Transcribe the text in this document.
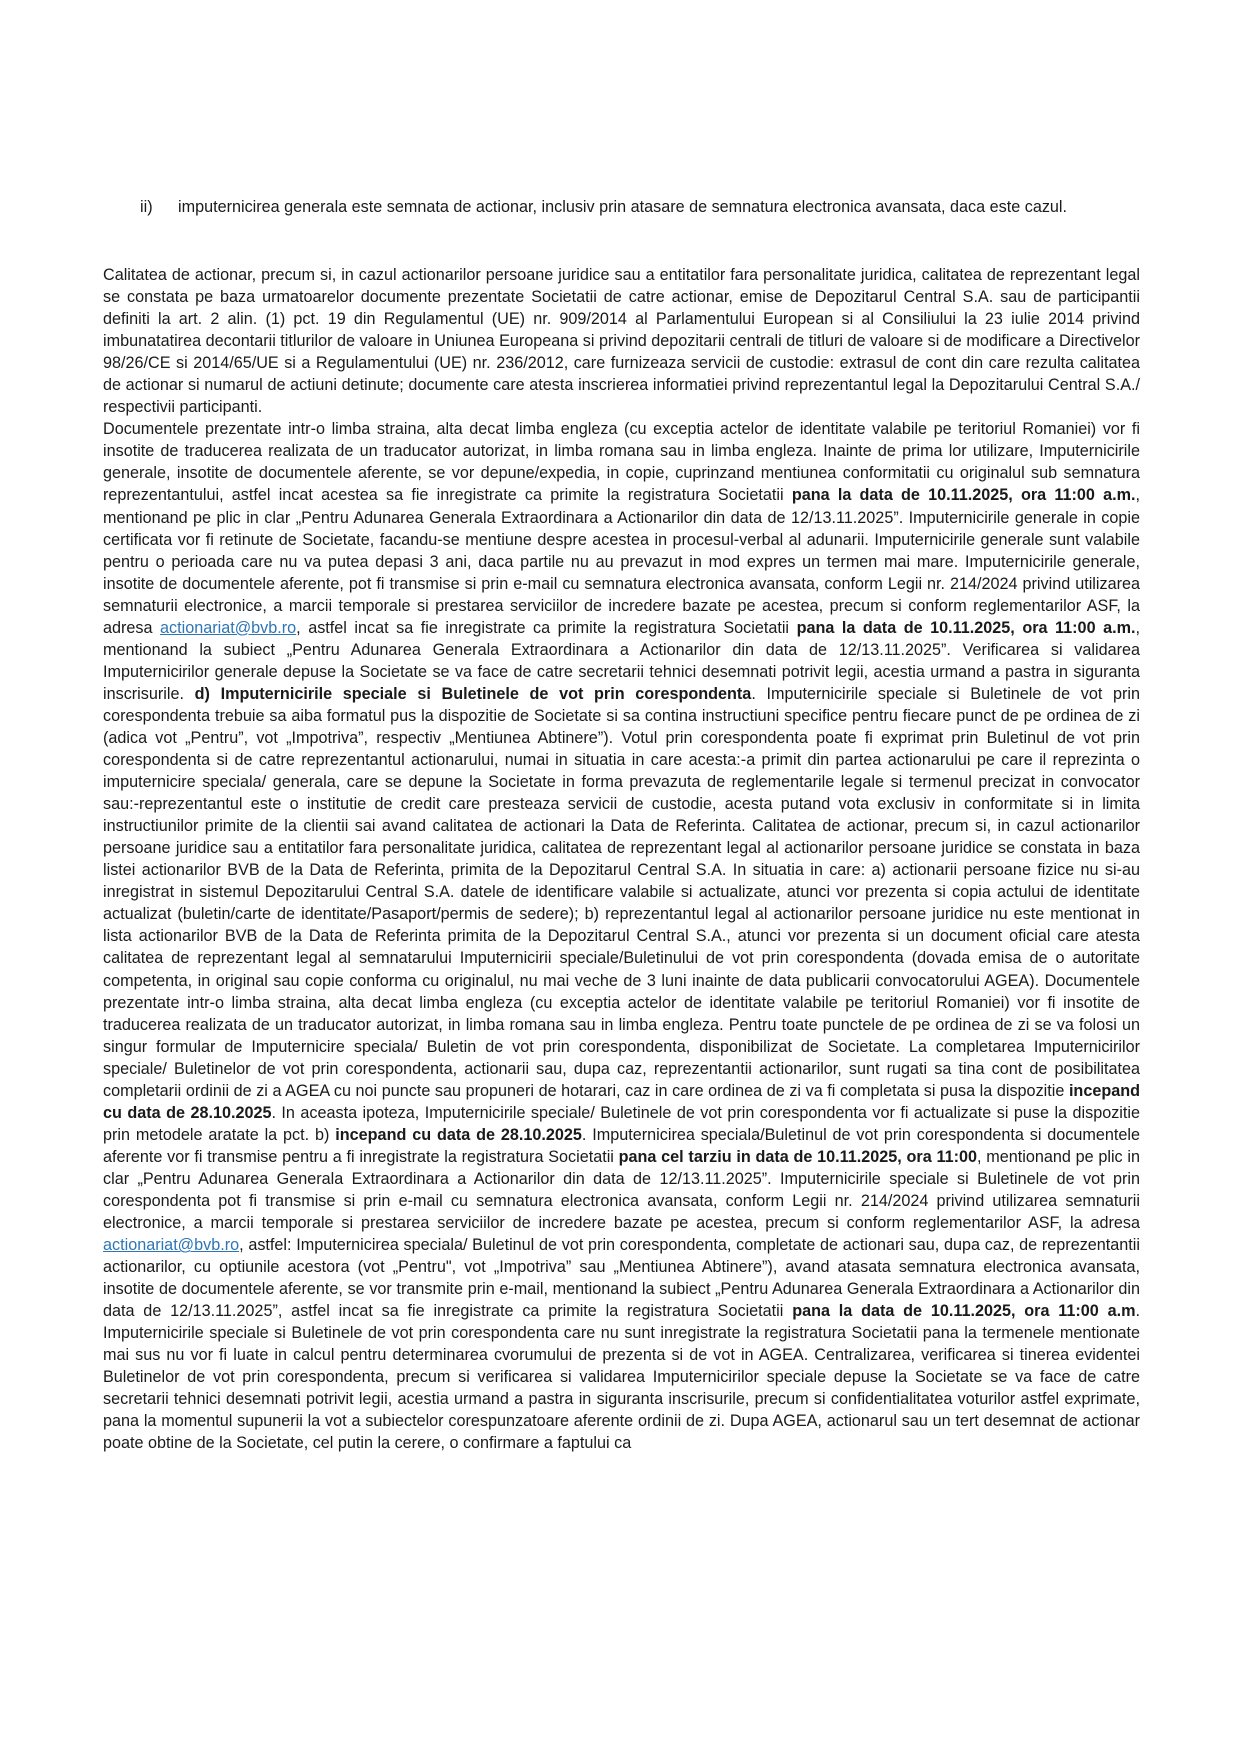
ii) imputernicirea generala este semnata de actionar, inclusiv prin atasare de semnatura electronica avansata, daca este cazul.

Calitatea de actionar, precum si, in cazul actionarilor persoane juridice sau a entitatilor fara personalitate juridica, calitatea de reprezentant legal se constata pe baza urmatoarelor documente prezentate Societatii de catre actionar, emise de Depozitarul Central S.A. sau de participantii definiti la art. 2 alin. (1) pct. 19 din Regulamentul (UE) nr. 909/2014 al Parlamentului European si al Consiliului la 23 iulie 2014 privind imbunatatirea decontarii titlurilor de valoare in Uniunea Europeana si privind depozitarii centrali de titluri de valoare si de modificare a Directivelor 98/26/CE si 2014/65/UE si a Regulamentului (UE) nr. 236/2012, care furnizeaza servicii de custodie: extrasul de cont din care rezulta calitatea de actionar si numarul de actiuni detinute; documente care atesta inscrierea informatiei privind reprezentantul legal la Depozitarului Central S.A./ respectivii participanti.

Documentele prezentate intr-o limba straina, alta decat limba engleza (cu exceptia actelor de identitate valabile pe teritoriul Romaniei) vor fi insotite de traducerea realizata de un traducator autorizat, in limba romana sau in limba engleza. Inainte de prima lor utilizare, Imputernicirile generale, insotite de documentele aferente, se vor depune/expedia, in copie, cuprinzand mentiunea conformitatii cu originalul sub semnatura reprezentantului, astfel incat acestea sa fie inregistrate ca primite la registratura Societatii pana la data de 10.11.2025, ora 11:00 a.m., mentionand pe plic in clar „Pentru Adunarea Generala Extraordinara a Actionarilor din data de 12/13.11.2025”. Imputernicirile generale in copie certificata vor fi retinute de Societate, facandu-se mentiune despre acestea in procesul-verbal al adunarii. Imputernicirile generale sunt valabile pentru o perioada care nu va putea depasi 3 ani, daca partile nu au prevazut in mod expres un termen mai mare. Imputernicirile generale, insotite de documentele aferente, pot fi transmise si prin e-mail cu semnatura electronica avansata, conform Legii nr. 214/2024 privind utilizarea semnaturii electronice, a marcii temporale si prestarea serviciilor de incredere bazate pe acestea, precum si conform reglementarilor ASF, la adresa actionariat@bvb.ro, astfel incat sa fie inregistrate ca primite la registratura Societatii pana la data de 10.11.2025, ora 11:00 a.m., mentionand la subiect „Pentru Adunarea Generala Extraordinara a Actionarilor din data de 12/13.11.2025”. Verificarea si validarea Imputernicirilor generale depuse la Societate se va face de catre secretarii tehnici desemnati potrivit legii, acestia urmand a pastra in siguranta inscrisurile. d) Imputernicirile speciale si Buletinele de vot prin corespondenta. Imputernicirile speciale si Buletinele de vot prin corespondenta trebuie sa aiba formatul pus la dispozitie de Societate si sa contina instructiuni specifice pentru fiecare punct de pe ordinea de zi (adica vot „Pentru”, vot „Impotriva”, respectiv „Mentiunea Abtinere”). Votul prin corespondenta poate fi exprimat prin Buletinul de vot prin corespondenta si de catre reprezentantul actionarului, numai in situatia in care acesta:-a primit din partea actionarului pe care il reprezinta o imputernicire speciala/ generala, care se depune la Societate in forma prevazuta de reglementarile legale si termenul precizat in convocator sau:-reprezentantul este o institutie de credit care presteaza servicii de custodie, acesta putand vota exclusiv in conformitate si in limita instructiunilor primite de la clientii sai avand calitatea de actionari la Data de Referinta. Calitatea de actionar, precum si, in cazul actionarilor persoane juridice sau a entitatilor fara personalitate juridica, calitatea de reprezentant legal al actionarilor persoane juridice se constata in baza listei actionarilor BVB de la Data de Referinta, primita de la Depozitarul Central S.A. In situatia in care: a) actionarii persoane fizice nu si-au inregistrat in sistemul Depozitarului Central S.A. datele de identificare valabile si actualizate, atunci vor prezenta si copia actului de identitate actualizat (buletin/carte de identitate/Pasaport/permis de sedere); b) reprezentantul legal al actionarilor persoane juridice nu este mentionat in lista actionarilor BVB de la Data de Referinta primita de la Depozitarul Central S.A., atunci vor prezenta si un document oficial care atesta calitatea de reprezentant legal al semnatarului Imputernicirii speciale/Buletinului de vot prin corespondenta (dovada emisa de o autoritate competenta, in original sau copie conforma cu originalul, nu mai veche de 3 luni inainte de data publicarii convocatorului AGEA). Documentele prezentate intr-o limba straina, alta decat limba engleza (cu exceptia actelor de identitate valabile pe teritoriul Romaniei) vor fi insotite de traducerea realizata de un traducator autorizat, in limba romana sau in limba engleza. Pentru toate punctele de pe ordinea de zi se va folosi un singur formular de Imputernicire speciala/ Buletin de vot prin corespondenta, disponibilizat de Societate. La completarea Imputernicirilor speciale/ Buletinelor de vot prin corespondenta, actionarii sau, dupa caz, reprezentantii actionarilor, sunt rugati sa tina cont de posibilitatea completarii ordinii de zi a AGEA cu noi puncte sau propuneri de hotarari, caz in care ordinea de zi va fi completata si pusa la dispozitie incepand cu data de 28.10.2025. In aceasta ipoteza, Imputernicirile speciale/ Buletinele de vot prin corespondenta vor fi actualizate si puse la dispozitie prin metodele aratate la pct. b) incepand cu data de 28.10.2025. Imputernicirea speciala/Buletinul de vot prin corespondenta si documentele aferente vor fi transmise pentru a fi inregistrate la registratura Societatii pana cel tarziu in data de 10.11.2025, ora 11:00, mentionand pe plic in clar „Pentru Adunarea Generala Extraordinara a Actionarilor din data de 12/13.11.2025”. Imputernicirile speciale si Buletinele de vot prin corespondenta pot fi transmise si prin e-mail cu semnatura electronica avansata, conform Legii nr. 214/2024 privind utilizarea semnaturii electronice, a marcii temporale si prestarea serviciilor de incredere bazate pe acestea, precum si conform reglementarilor ASF, la adresa actionariat@bvb.ro, astfel: Imputernicirea speciala/ Buletinul de vot prin corespondenta, completate de actionari sau, dupa caz, de reprezentantii actionarilor, cu optiunile acestora (vot „Pentru", vot „Impotriva” sau „Mentiunea Abtinere”), avand atasata semnatura electronica avansata, insotite de documentele aferente, se vor transmite prin e-mail, mentionand la subiect „Pentru Adunarea Generala Extraordinara a Actionarilor din data de 12/13.11.2025”, astfel incat sa fie inregistrate ca primite la registratura Societatii pana la data de 10.11.2025, ora 11:00 a.m. Imputernicirile speciale si Buletinele de vot prin corespondenta care nu sunt inregistrate la registratura Societatii pana la termenele mentionate mai sus nu vor fi luate in calcul pentru determinarea cvorumului de prezenta si de vot in AGEA. Centralizarea, verificarea si tinerea evidentei Buletinelor de vot prin corespondenta, precum si verificarea si validarea Imputernicirilor speciale depuse la Societate se va face de catre secretarii tehnici desemnati potrivit legii, acestia urmand a pastra in siguranta inscrisurile, precum si confidentialitatea voturilor astfel exprimate, pana la momentul supunerii la vot a subiectelor corespunzatoare aferente ordinii de zi. Dupa AGEA, actionarul sau un tert desemnat de actionar poate obtine de la Societate, cel putin la cerere, o confirmare a faptului ca
